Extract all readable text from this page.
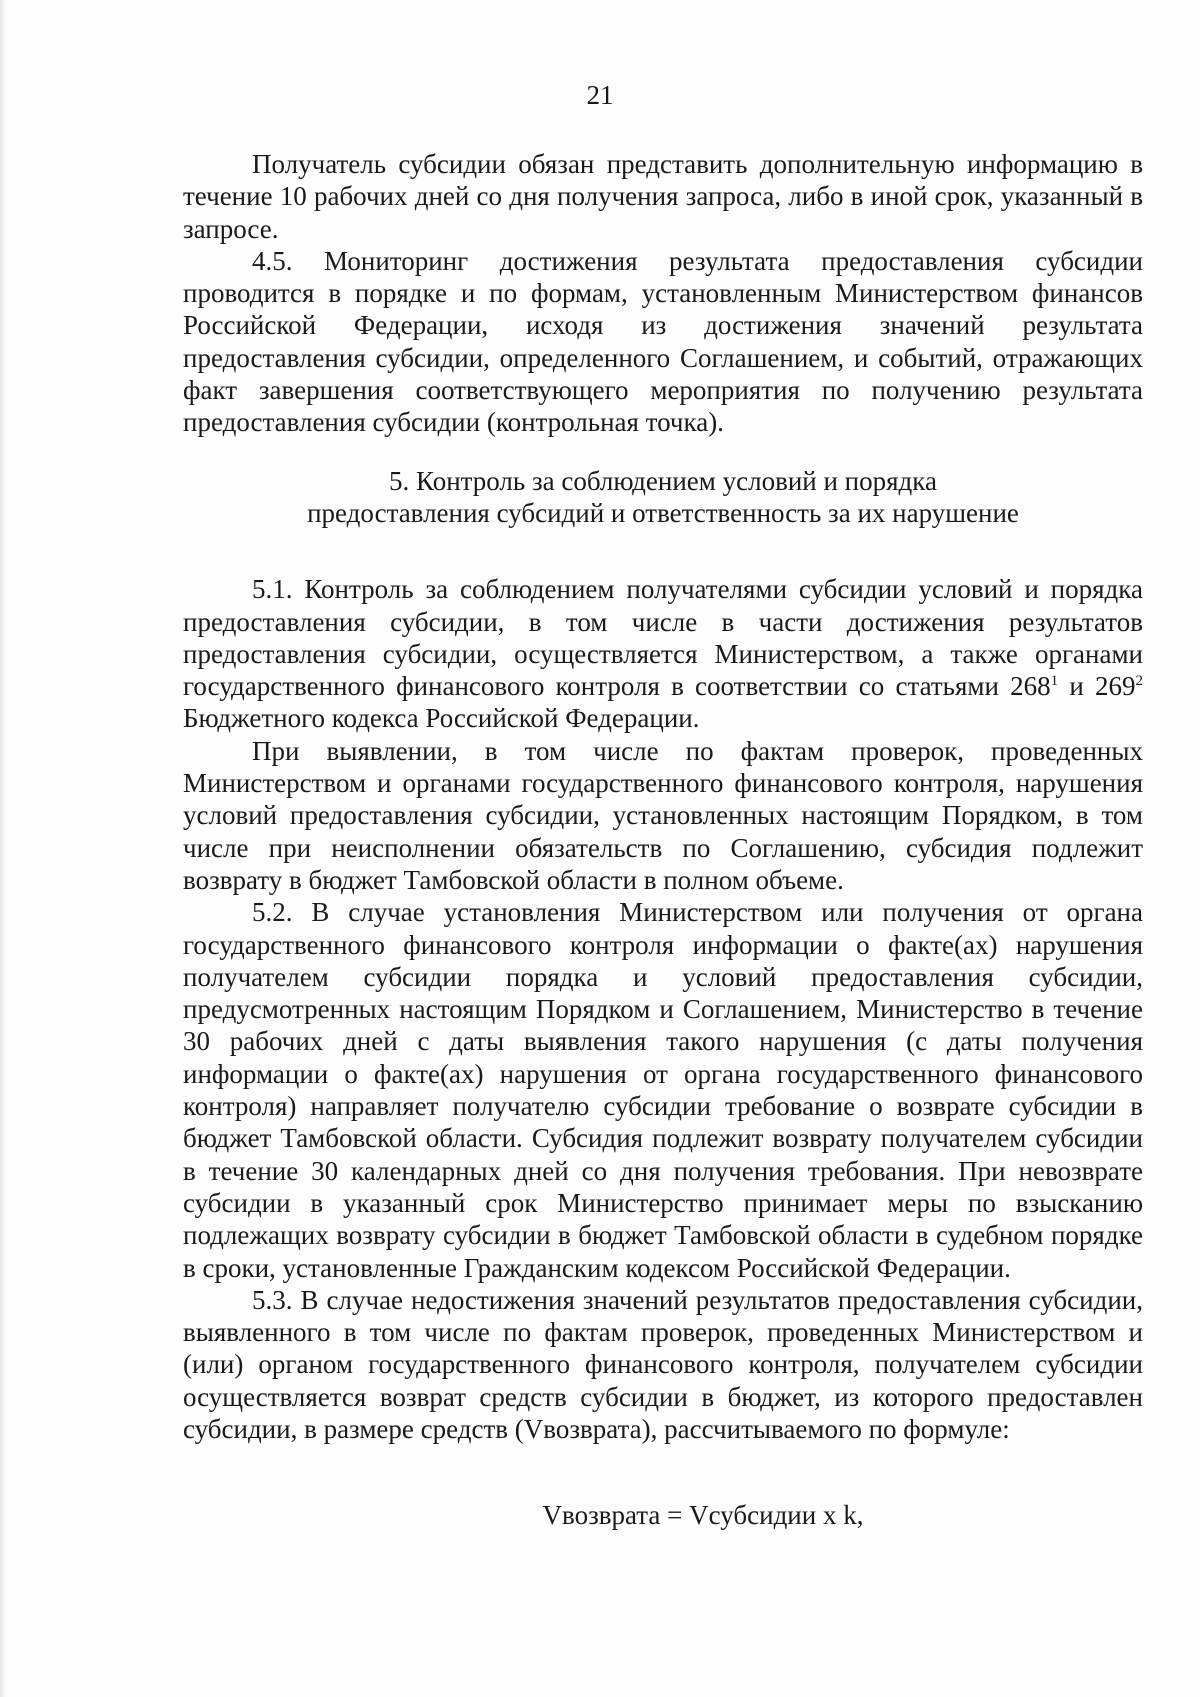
21

Получатель субсидии обязан представить дополнительную информацию в течение 10 рабочих дней со дня получения запроса, либо в иной срок, указанный в запросе.

4.5. Мониторинг достижения результата предоставления субсидии проводится в порядке и по формам, установленным Министерством финансов Российской Федерации, исходя из достижения значений результата предоставления субсидии, определенного Соглашением, и событий, отражающих факт завершения соответствующего мероприятия по получению результата предоставления субсидии (контрольная точка).

5. Контроль за соблюдением условий и порядка
предоставления субсидий и ответственность за их нарушение

5.1. Контроль за соблюдением получателями субсидии условий и порядка предоставления субсидии, в том числе в части достижения результатов предоставления субсидии, осуществляется Министерством, а также органами государственного финансового контроля в соответствии со статьями $268^1$ и $269^2$ Бюджетного кодекса Российской Федерации.

При выявлении, в том числе по фактам проверок, проведенных Министерством и органами государственного финансового контроля, нарушения условий предоставления субсидии, установленных настоящим Порядком, в том числе при неисполнении обязательств по Соглашению, субсидия подлежит возврату в бюджет Тамбовской области в полном объеме.

5.2. В случае установления Министерством или получения от органа государственного финансового контроля информации о факте(ах) нарушения получателем субсидии порядка и условий предоставления субсидии, предусмотренных настоящим Порядком и Соглашением, Министерство в течение 30 рабочих дней с даты выявления такого нарушения (с даты получения информации о факте(ах) нарушения от органа государственного финансового контроля) направляет получателю субсидии требование о возврате субсидии в бюджет Тамбовской области. Субсидия подлежит возврату получателем субсидии в течение 30 календарных дней со дня получения требования. При невозврате субсидии в указанный срок Министерство принимает меры по взысканию подлежащих возврату субсидии в бюджет Тамбовской области в судебном порядке в сроки, установленные Гражданским кодексом Российской Федерации.

5.3. В случае недостижения значений результатов предоставления субсидии, выявленного в том числе по фактам проверок, проведенных Министерством и (или) органом государственного финансового контроля, получателем субсидии осуществляется возврат средств субсидии в бюджет, из которого предоставлен субсидии, в размере средств (Vвозврата), рассчитываемого по формуле:

Vвозврата = Vсубсидии x k,
